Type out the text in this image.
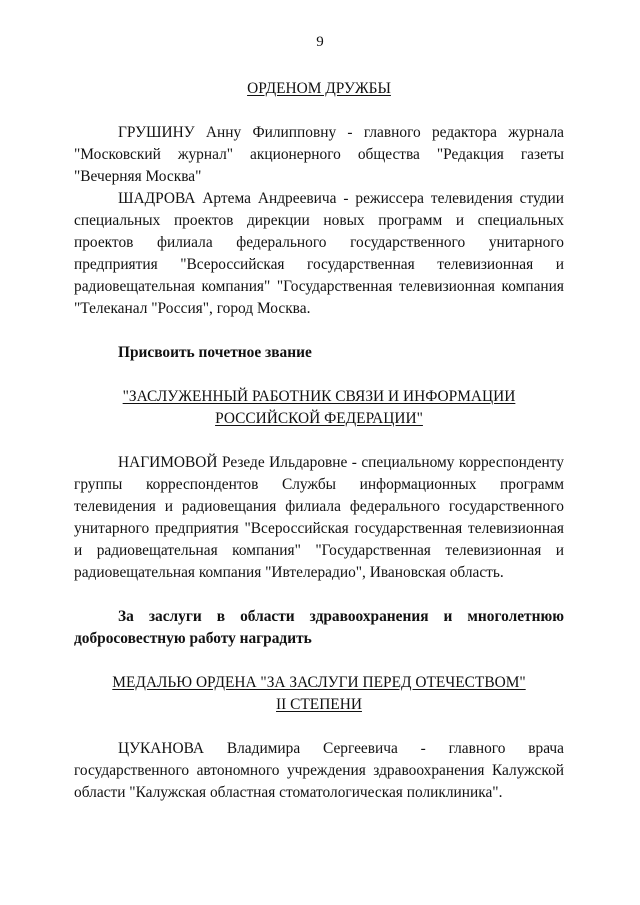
9

ОРДЕНОМ ДРУЖБЫ

ГРУШИНУ Анну Филипповну - главного редактора журнала "Московский журнал" акционерного общества "Редакция газеты "Вечерняя Москва"

ШАДРОВА Артема Андреевича - режиссера телевидения студии специальных проектов дирекции новых программ и специальных проектов филиала федерального государственного унитарного предприятия "Всероссийская государственная телевизионная и радиовещательная компания" "Государственная телевизионная компания "Телеканал "Россия", город Москва.

Присвоить почетное звание

"ЗАСЛУЖЕННЫЙ РАБОТНИК СВЯЗИ И ИНФОРМАЦИИ

РОССИЙСКОЙ ФЕДЕРАЦИИ"

НАГИМОВОЙ Резеде Ильдаровне - специальному корреспонденту группы корреспондентов Службы информационных программ телевидения и радиовещания филиала федерального государственного унитарного предприятия "Всероссийская государственная телевизионная и радиовещательная компания" "Государственная телевизионная и радиовещательная компания "Ивтелерадио", Ивановская область.

За заслуги в области здравоохранения и многолетнюю добросовестную работу наградить

МЕДАЛЬЮ ОРДЕНА "ЗА ЗАСЛУГИ ПЕРЕД ОТЕЧЕСТВОМ"

II СТЕПЕНИ

ЦУКАНОВА Владимира Сергеевича - главного врача государственного автономного учреждения здравоохранения Калужской области "Калужская областная стоматологическая поликлиника".
